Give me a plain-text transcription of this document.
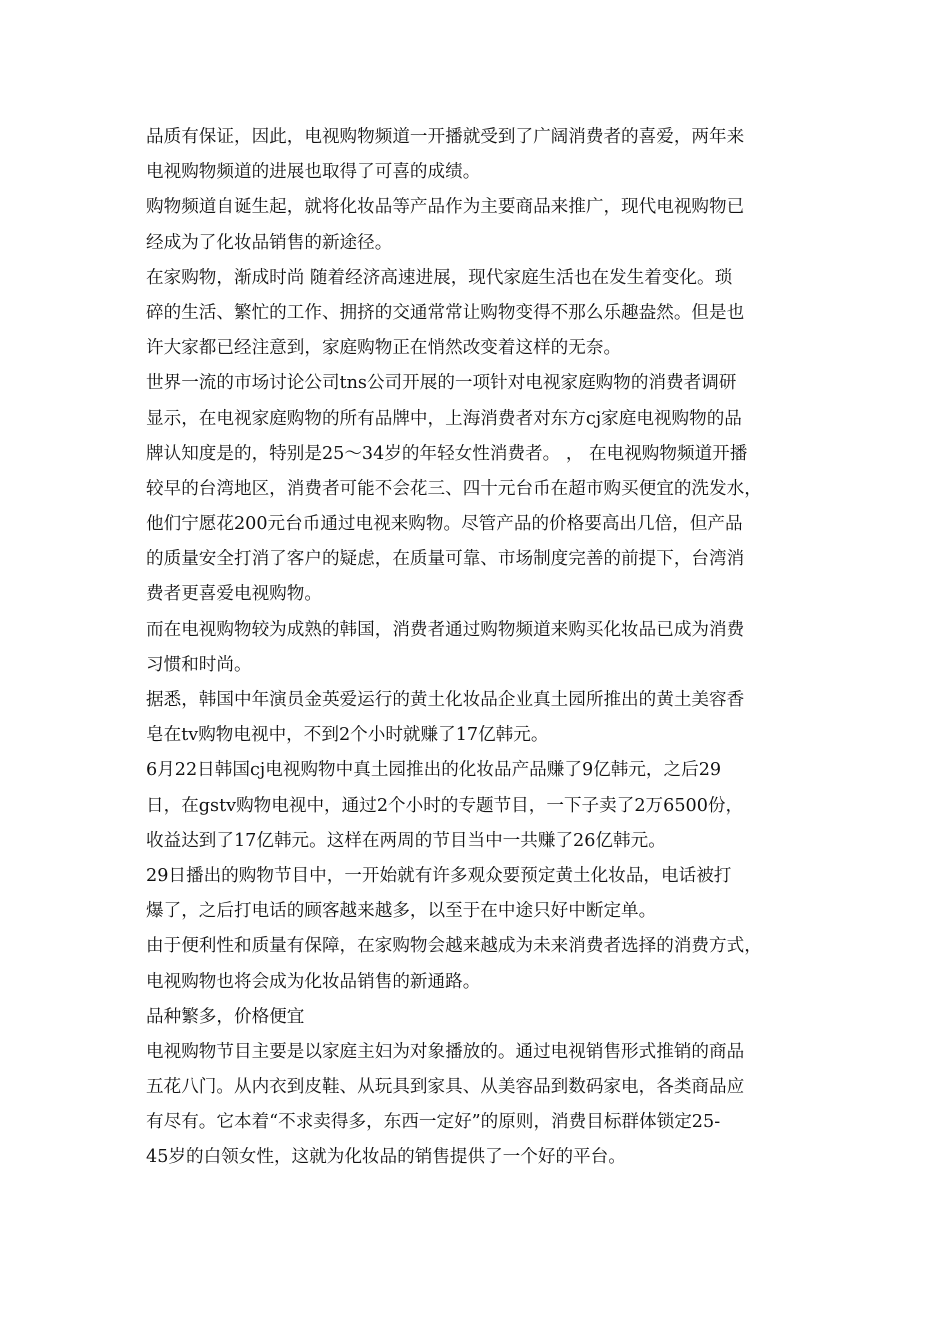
品质有保证，因此，电视购物频道一开播就受到了广阔消费者的喜爱，两年来
电视购物频道的进展也取得了可喜的成绩。
购物频道自诞生起，就将化妆品等产品作为主要商品来推广，现代电视购物已
经成为了化妆品销售的新途径。
在家购物，渐成时尚 随着经济高速进展，现代家庭生活也在发生着变化。琐
碎的生活、繁忙的工作、拥挤的交通常常让购物变得不那么乐趣盎然。但是也
许大家都已经注意到，家庭购物正在悄然改变着这样的无奈。
世界一流的市场讨论公司tns公司开展的一项针对电视家庭购物的消费者调研
显示，在电视家庭购物的所有品牌中，上海消费者对东方cj家庭电视购物的品
牌认知度是的，特别是25～34岁的年轻女性消费者。 ， 在电视购物频道开播
较早的台湾地区，消费者可能不会花三、四十元台币在超市购买便宜的洗发水，
他们宁愿花200元台币通过电视来购物。尽管产品的价格要高出几倍，但产品
的质量安全打消了客户的疑虑，在质量可靠、市场制度完善的前提下，台湾消
费者更喜爱电视购物。
而在电视购物较为成熟的韩国，消费者通过购物频道来购买化妆品已成为消费
习惯和时尚。
据悉，韩国中年演员金英爱运行的黄土化妆品企业真土园所推出的黄土美容香
皂在tv购物电视中，不到2个小时就赚了17亿韩元。
6月22日韩国cj电视购物中真土园推出的化妆品产品赚了9亿韩元，之后29
日，在gstv购物电视中，通过2个小时的专题节目，一下子卖了2万6500份，
收益达到了17亿韩元。这样在两周的节目当中一共赚了26亿韩元。
29日播出的购物节目中，一开始就有许多观众要预定黄土化妆品，电话被打
爆了，之后打电话的顾客越来越多，以至于在中途只好中断定单。
由于便利性和质量有保障，在家购物会越来越成为未来消费者选择的消费方式，
电视购物也将会成为化妆品销售的新通路。
品种繁多，价格便宜
电视购物节目主要是以家庭主妇为对象播放的。通过电视销售形式推销的商品
五花八门。从内衣到皮鞋、从玩具到家具、从美容品到数码家电，各类商品应
有尽有。它本着“不求卖得多，东西一定好”的原则，消费目标群体锁定25-
45岁的白领女性，这就为化妆品的销售提供了一个好的平台。
